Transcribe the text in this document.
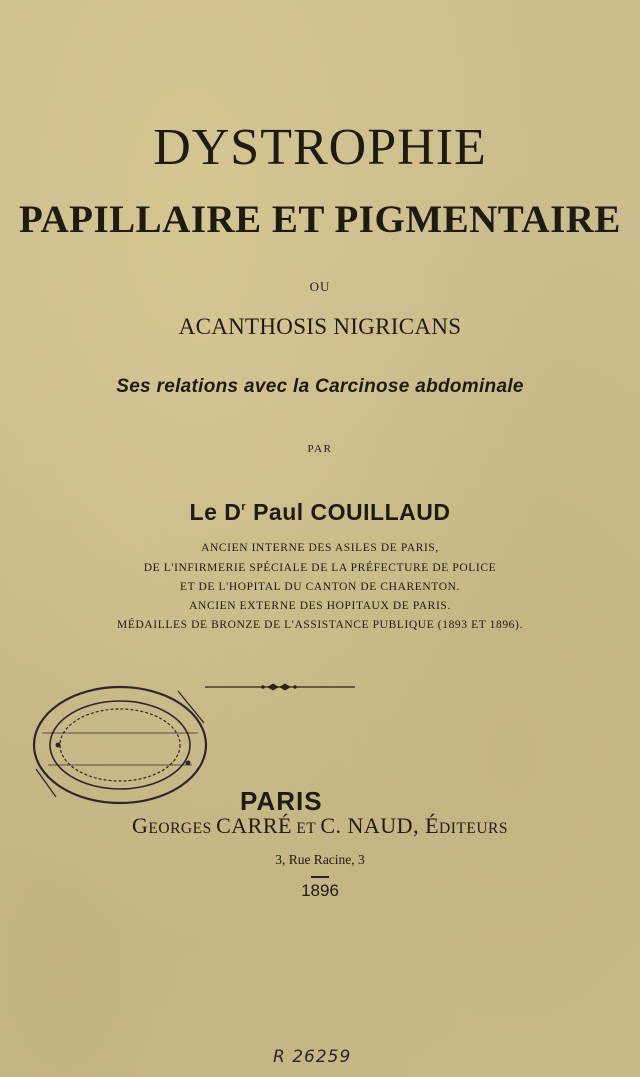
DYSTROPHIE
PAPILLAIRE ET PIGMENTAIRE
OU
ACANTHOSIS NIGRICANS
Ses relations avec la Carcinose abdominale
PAR
Le $D^r$ Paul COUILLAUD
ANCIEN INTERNE DES ASILES DE PARIS,
DE L'INFIRMERIE SPÉCIALE DE LA PRÉFECTURE DE POLICE
ET DE L'HOPITAL DU CANTON DE CHARENTON.
ANCIEN EXTERNE DES HOPITAUX DE PARIS.
MÉDAILLES DE BRONZE DE L'ASSISTANCE PUBLIQUE (1893 ET 1896).
PARIS
GEORGES CARRÉ ET C. NAUD, ÉDITEURS
3, Rue Racine, 3
1896
R 26259
